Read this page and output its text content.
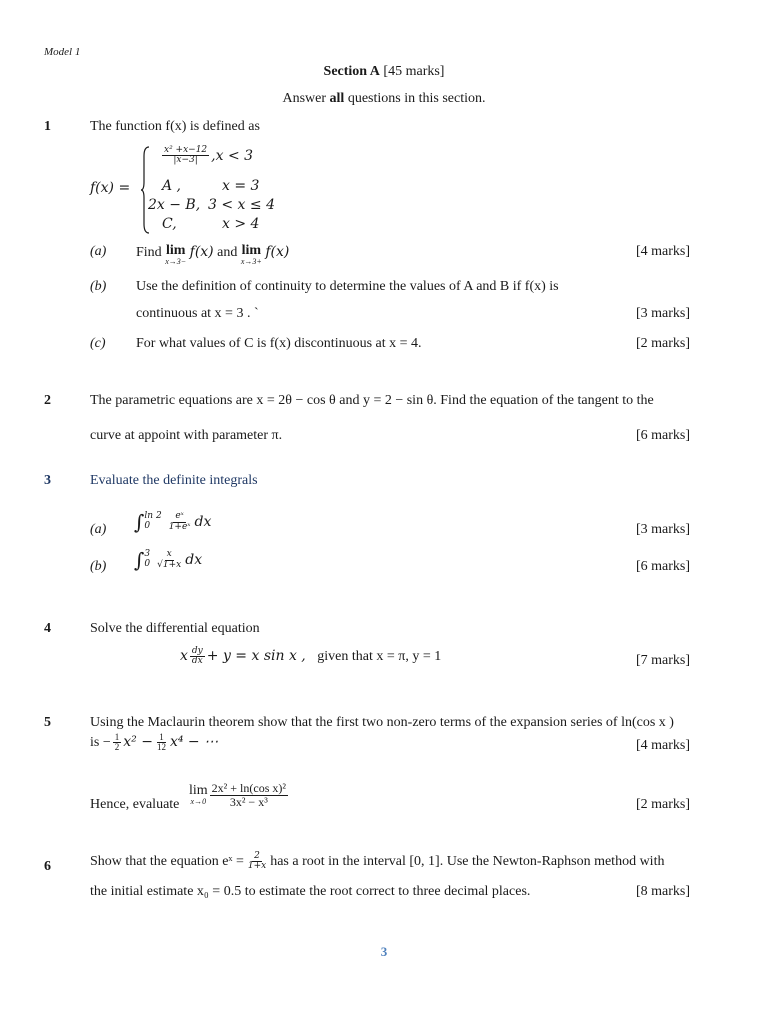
Model 1
Section A [45 marks]
Answer all questions in this section.
1	The function f(x) is defined as
f(x) =
$\frac{\text{x² +x−12}}{|x-3|} ,x < 3$
A ,	x = 3
2x − B, 3 < x ≤ 4
C,	x > 4
(a) Find lim
x→3−
f(x) and lim
x→3+
f(x)	[4 marks]
(b) Use the definition of continuity to determine the values of A and B if f(x) is
continuous at x = 3 . `	[3 marks]
(c) For what values of C is f(x) discontinuous at x = 4.	[2 marks]
2	The parametric equations are x = 2θ − cos θ and y = 2 − sin θ. Find the equation of the tangent to the
curve at appoint with parameter π.	[6 marks]
3	Evaluate the definite integrals
(a) ∫ ln 2
0	$\frac{\text{eˣ}}{\text{1+eˣ}}$ dx	[3 marks]
(b) ∫ 3
$0 \frac{x}{√1+x}$ dx	[6 marks]
4	Solve the differential equation
x $\frac{dy}{dx} + y = x$ sin x , given that x = π, y = 1	[7 marks]
5	Using the Maclaurin theorem show that the first two non-zero terms of the expansion series of ln(cos x )
is − $\frac{1}{2} x^2 - \frac{1}{12} x^4$ − ⋯	[4 marks]
Hence, evaluate
lim
$x\to 0 \frac{\text{2x² + ln(cos x)²}}{\text{3x² − x³}}$	[2 marks]
6	Show that the equation eˣ = $\frac{2}{1+x}$ has a root in the interval [0, 1]. Use the Newton-Raphson method with
the initial estimate x₀ = 0.5 to estimate the root correct to three decimal places.	[8 marks]
3
